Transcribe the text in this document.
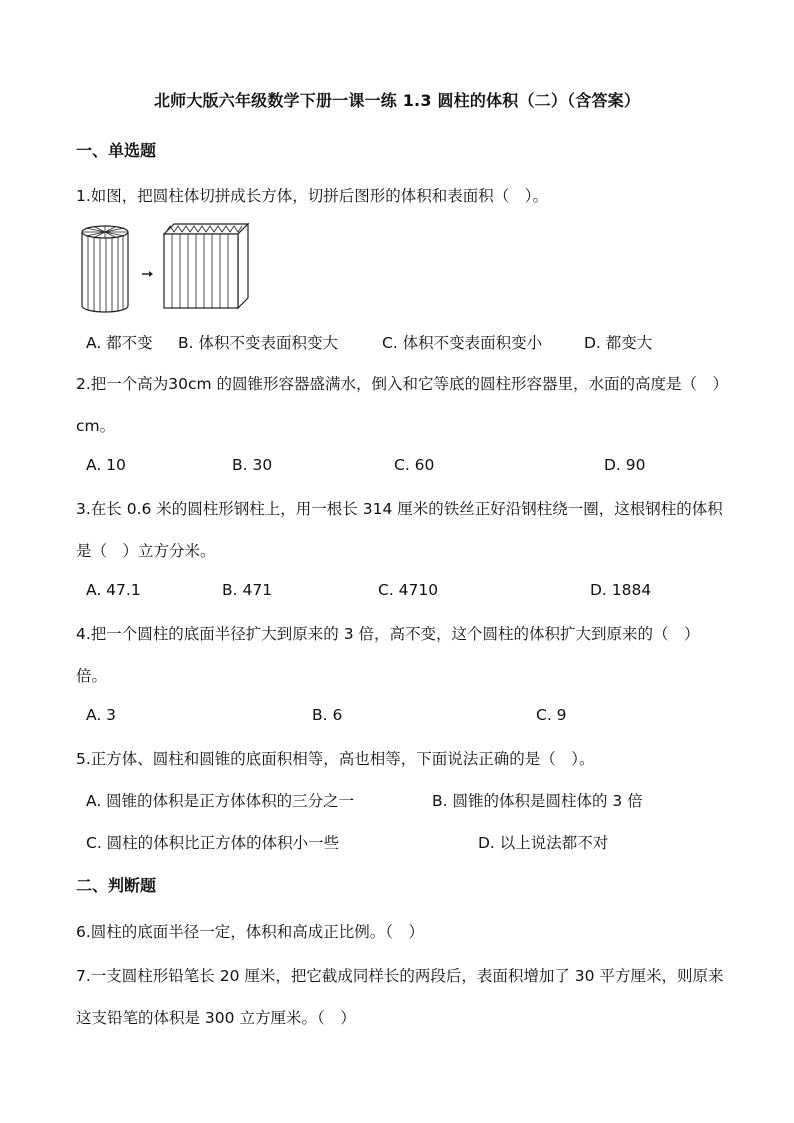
北师大版六年级数学下册一课一练 1.3 圆柱的体积（二）（含答案）
一、单选题
1.如图，把圆柱体切拼成长方体，切拼后图形的体积和表面积（　）。
A. 都不变 B. 体积不变表面积变大	C. 体积不变表面积变小	D. 都变大
2.把一个高为30cm 的圆锥形容器盛满水，倒入和它等底的圆柱形容器里，水面的高度是（　）cm。
A. 10	B. 30	C. 60	D. 90
3.在长 0.6 米的圆柱形钢柱上，用一根长 314 厘米的铁丝正好沿钢柱绕一圈，这根钢柱的体积是（　）立方分米。
A. 47.1	B. 471	C. 4710	D. 1884
4.把一个圆柱的底面半径扩大到原来的 3 倍，高不变，这个圆柱的体积扩大到原来的（　）倍。
A. 3	B. 6	C. 9
5.正方体、圆柱和圆锥的底面积相等，高也相等，下面说法正确的是（　）。
A. 圆锥的体积是正方体体积的三分之一	B. 圆锥的体积是圆柱体的 3 倍
C. 圆柱的体积比正方体的体积小一些	D. 以上说法都不对
二、判断题
6.圆柱的底面半径一定，体积和高成正比例。（　）
7.一支圆柱形铅笔长 20 厘米，把它截成同样长的两段后，表面积增加了 30 平方厘米，则原来这支铅笔的体积是 300 立方厘米。（　）
